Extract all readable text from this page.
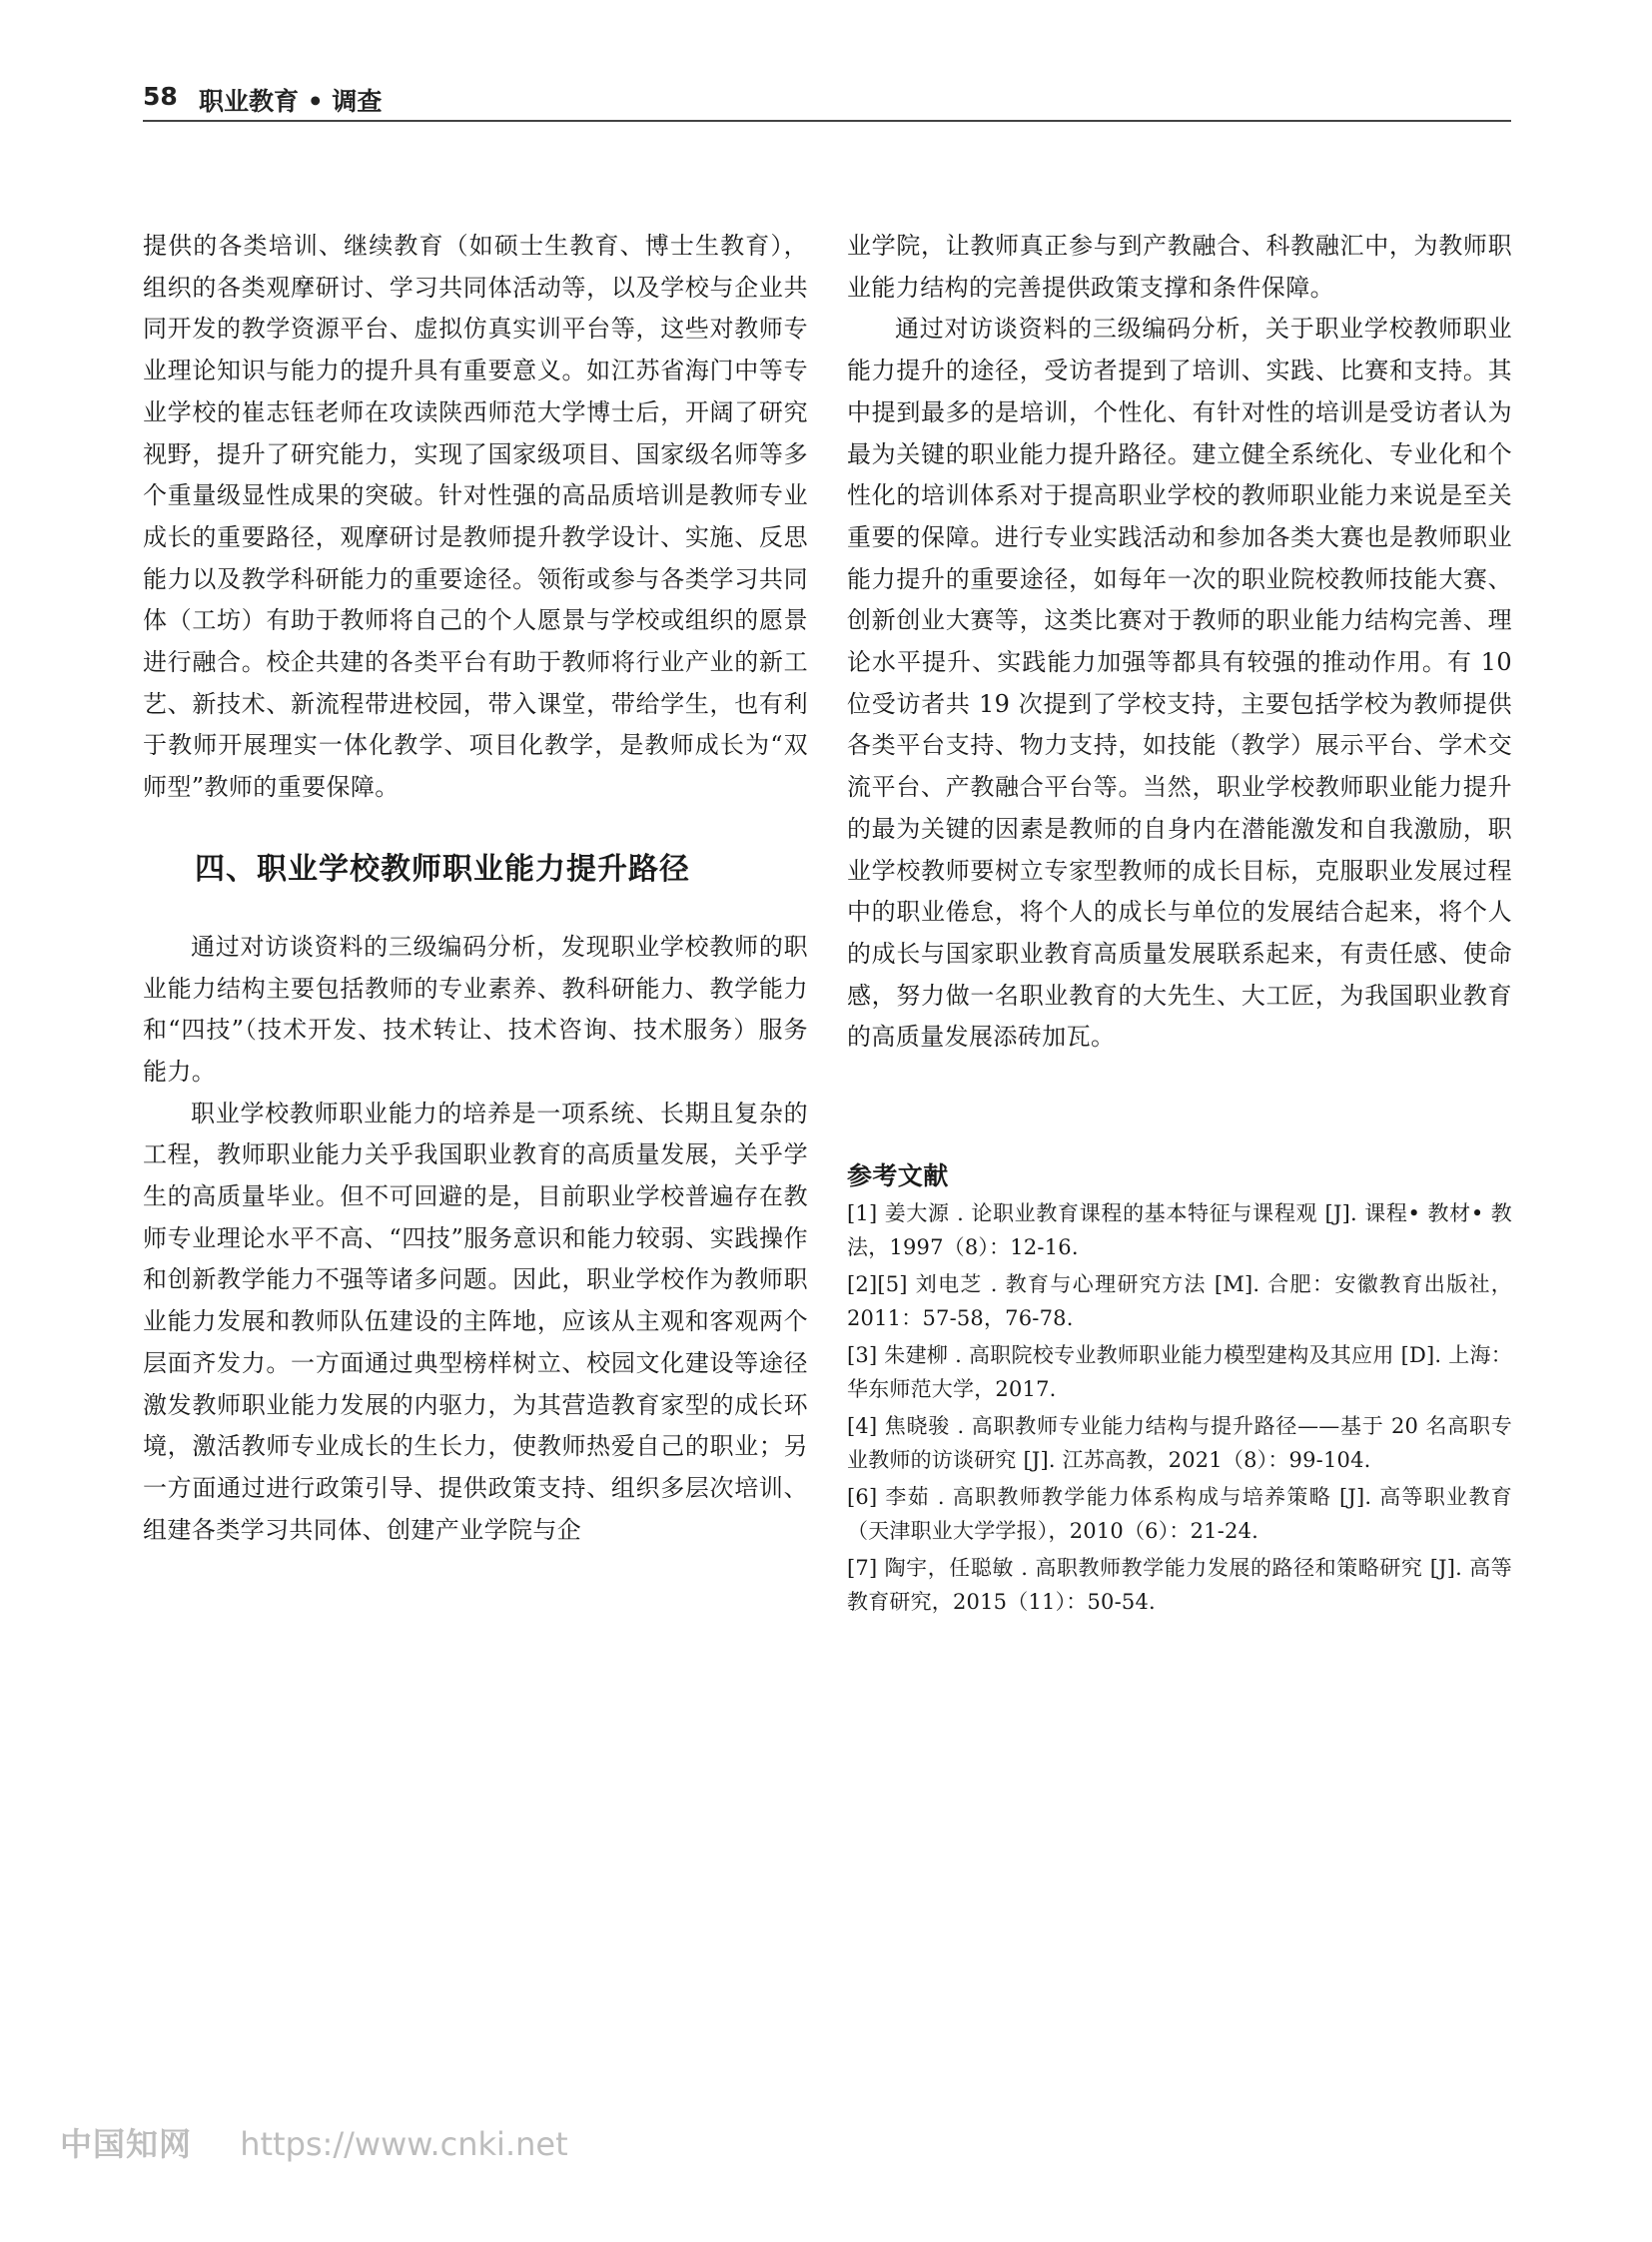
58 职业教育 • 调查

提供的各类培训、继续教育（如硕士生教育、博士生教育），组织的各类观摩研讨、学习共同体活动等，以及学校与企业共同开发的教学资源平台、虚拟仿真实训平台等，这些对教师专业理论知识与能力的提升具有重要意义。如江苏省海门中等专业学校的崔志钰老师在攻读陕西师范大学博士后，开阔了研究视野，提升了研究能力，实现了国家级项目、国家级名师等多个重量级显性成果的突破。针对性强的高品质培训是教师专业成长的重要路径，观摩研讨是教师提升教学设计、实施、反思能力以及教学科研能力的重要途径。领衔或参与各类学习共同体（工坊）有助于教师将自己的个人愿景与学校或组织的愿景进行融合。校企共建的各类平台有助于教师将行业产业的新工艺、新技术、新流程带进校园，带入课堂，带给学生，也有利于教师开展理实一体化教学、项目化教学，是教师成长为“双师型”教师的重要保障。

四、职业学校教师职业能力提升路径

通过对访谈资料的三级编码分析，发现职业学校教师的职业能力结构主要包括教师的专业素养、教科研能力、教学能力和“四技”（技术开发、技术转让、技术咨询、技术服务）服务能力。

职业学校教师职业能力的培养是一项系统、长期且复杂的工程，教师职业能力关乎我国职业教育的高质量发展，关乎学生的高质量毕业。但不可回避的是，目前职业学校普遍存在教师专业理论水平不高、“四技”服务意识和能力较弱、实践操作和创新教学能力不强等诸多问题。因此，职业学校作为教师职业能力发展和教师队伍建设的主阵地，应该从主观和客观两个层面齐发力。一方面通过典型榜样树立、校园文化建设等途径激发教师职业能力发展的内驱力，为其营造教育家型的成长环境，激活教师专业成长的生长力，使教师热爱自己的职业；另一方面通过进行政策引导、提供政策支持、组织多层次培训、组建各类学习共同体、创建产业学院与企

业学院，让教师真正参与到产教融合、科教融汇中，为教师职业能力结构的完善提供政策支撑和条件保障。

通过对访谈资料的三级编码分析，关于职业学校教师职业能力提升的途径，受访者提到了培训、实践、比赛和支持。其中提到最多的是培训，个性化、有针对性的培训是受访者认为最为关键的职业能力提升路径。建立健全系统化、专业化和个性化的培训体系对于提高职业学校的教师职业能力来说是至关重要的保障。进行专业实践活动和参加各类大赛也是教师职业能力提升的重要途径，如每年一次的职业院校教师技能大赛、创新创业大赛等，这类比赛对于教师的职业能力结构完善、理论水平提升、实践能力加强等都具有较强的推动作用。有 10 位受访者共 19 次提到了学校支持，主要包括学校为教师提供各类平台支持、物力支持，如技能（教学）展示平台、学术交流平台、产教融合平台等。当然，职业学校教师职业能力提升的最为关键的因素是教师的自身内在潜能激发和自我激励，职业学校教师要树立专家型教师的成长目标，克服职业发展过程中的职业倦怠，将个人的成长与单位的发展结合起来，将个人的成长与国家职业教育高质量发展联系起来，有责任感、使命感，努力做一名职业教育的大先生、大工匠，为我国职业教育的高质量发展添砖加瓦。

参考文献
[1] 姜大源 . 论职业教育课程的基本特征与课程观 [J]. 课程• 教材• 教法，1997（8）：12-16.
[2][5] 刘电芝 . 教育与心理研究方法 [M]. 合肥：安徽教育出版社，2011：57-58，76-78.
[3] 朱建柳 . 高职院校专业教师职业能力模型建构及其应用 [D]. 上海：华东师范大学，2017.
[4] 焦晓骏 . 高职教师专业能力结构与提升路径——基于 20 名高职专业教师的访谈研究 [J]. 江苏高教，2021（8）：99-104.
[6] 李茹 . 高职教师教学能力体系构成与培养策略 [J]. 高等职业教育（天津职业大学学报），2010（6）：21-24.
[7] 陶宇，任聪敏 . 高职教师教学能力发展的路径和策略研究 [J]. 高等教育研究，2015（11）：50-54.
中国知网 https://www.cnki.net
